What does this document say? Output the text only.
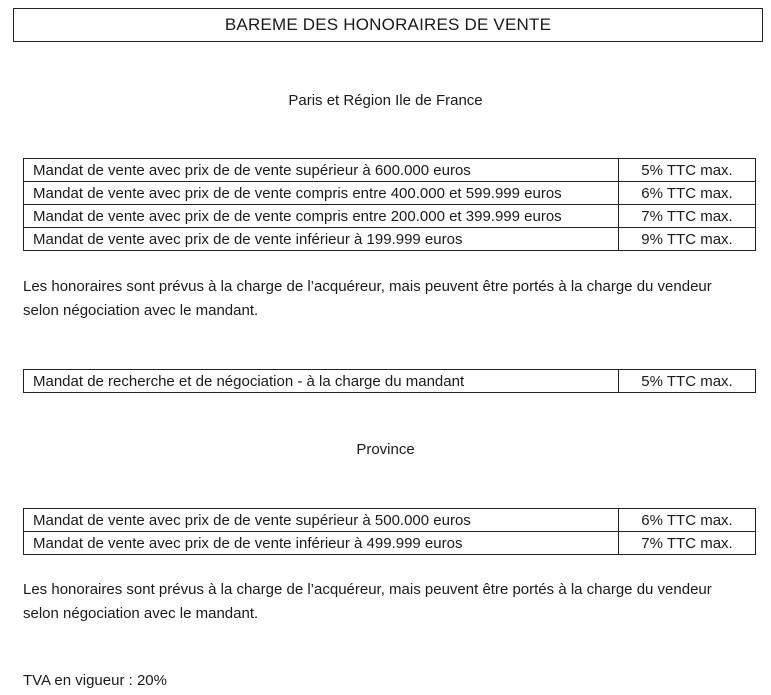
BAREME DES HONORAIRES DE VENTE
Paris et Région Ile de France
Mandat de vente avec prix de de vente supérieur à 600.000 euros	5% TTC max.
Mandat de vente avec prix de de vente compris entre 400.000 et 599.999 euros	6% TTC max.
Mandat de vente avec prix de de vente compris entre 200.000 et 399.999 euros	7% TTC max.
Mandat de vente avec prix de de vente inférieur à 199.999 euros	9% TTC max.
Les honoraires sont prévus à la charge de l’acquéreur, mais peuvent être portés à la charge du vendeur
selon négociation avec le mandant.
Mandat de recherche et de négociation - à la charge du mandant	5% TTC max.
Province
Mandat de vente avec prix de de vente supérieur à 500.000 euros	6% TTC max.
Mandat de vente avec prix de de vente inférieur à 499.999 euros	7% TTC max.
Les honoraires sont prévus à la charge de l’acquéreur, mais peuvent être portés à la charge du vendeur
selon négociation avec le mandant.
TVA en vigueur : 20%
